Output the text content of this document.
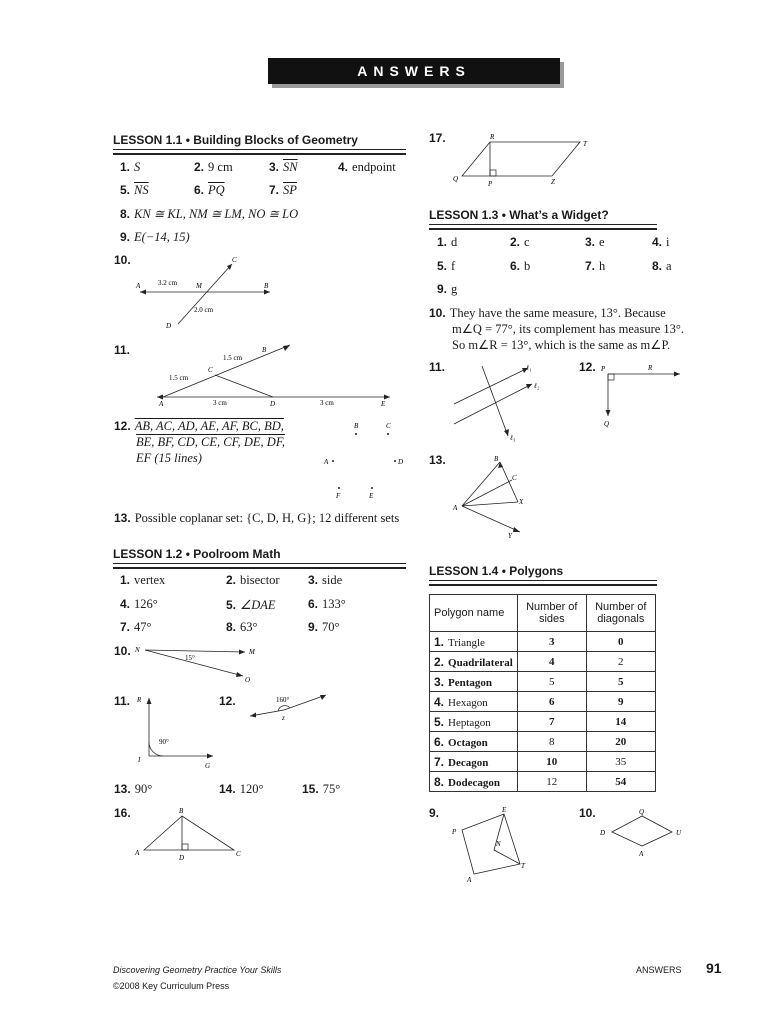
ANSWERS
LESSON 1.1 • Building Blocks of Geometry
1. S	2. 9 cm	3. $\overline{SN}$	4. endpoint
5. $\overline{NS}$	6. $\overline{PQ}$	7. $\overline{SP}$
8. KN ≅ KL, NM ≅ LM, NO ≅ LO
9. E(−14, 15)
10.
A	M	B
C
D
3.2 cm
2.0 cm
11.	B
C
A	D	E
1.5 cm
1.5 cm
3 cm	3 cm
12. AB, AC, AD, AE, AF, BC, BD,
BE, BF, CD, CE, CF, DE, DF,
EF (15 lines)
B	C
A	D
F	E
13. Possible coplanar set: {C, D, H, G}; 12 different sets
LESSON 1.2 • Poolroom Math
1. vertex	2. bisector 3. side
4. 126°	5. ∠DAE	6. 133°
7. 47°	8. 63°	9. 70°
10. N	M
O
15°
11. R
I
G
90°
12.
z
160°
13. 90°	14. 120°	15. 75°
16.	B
A	C
D
17.	R
T
Q
P	Z
LESSON 1.3 • What’s a Widget?
1. d	2. c	3. e	4. i
5. f	6. b	7. h	8. a
9. g
10. They have the same measure, 13°. Because
m∠Q = 77°, its complement has measure 13°.
So m∠R = 13°, which is the same as m∠P.
11.	ℓ₁
ℓ₂
ℓ₃
12. P	R
Q
13.	B
C
X
A
Y
LESSON 1.4 • Polygons
Polygon name	Number of sides	Number of diagonals
1. Triangle	3	0
2. Quadrilateral	4	2
3. Pentagon	5	5
4. Hexagon	6	9
5. Heptagon	7	14
6. Octagon	8	20
7. Decagon	10	35
8. Dodecagon	12	54
9.	E
P
N
T
A
10.	Q
D	U
A
Discovering Geometry Practice Your Skills
©2008 Key Curriculum Press
ANSWERS 91
